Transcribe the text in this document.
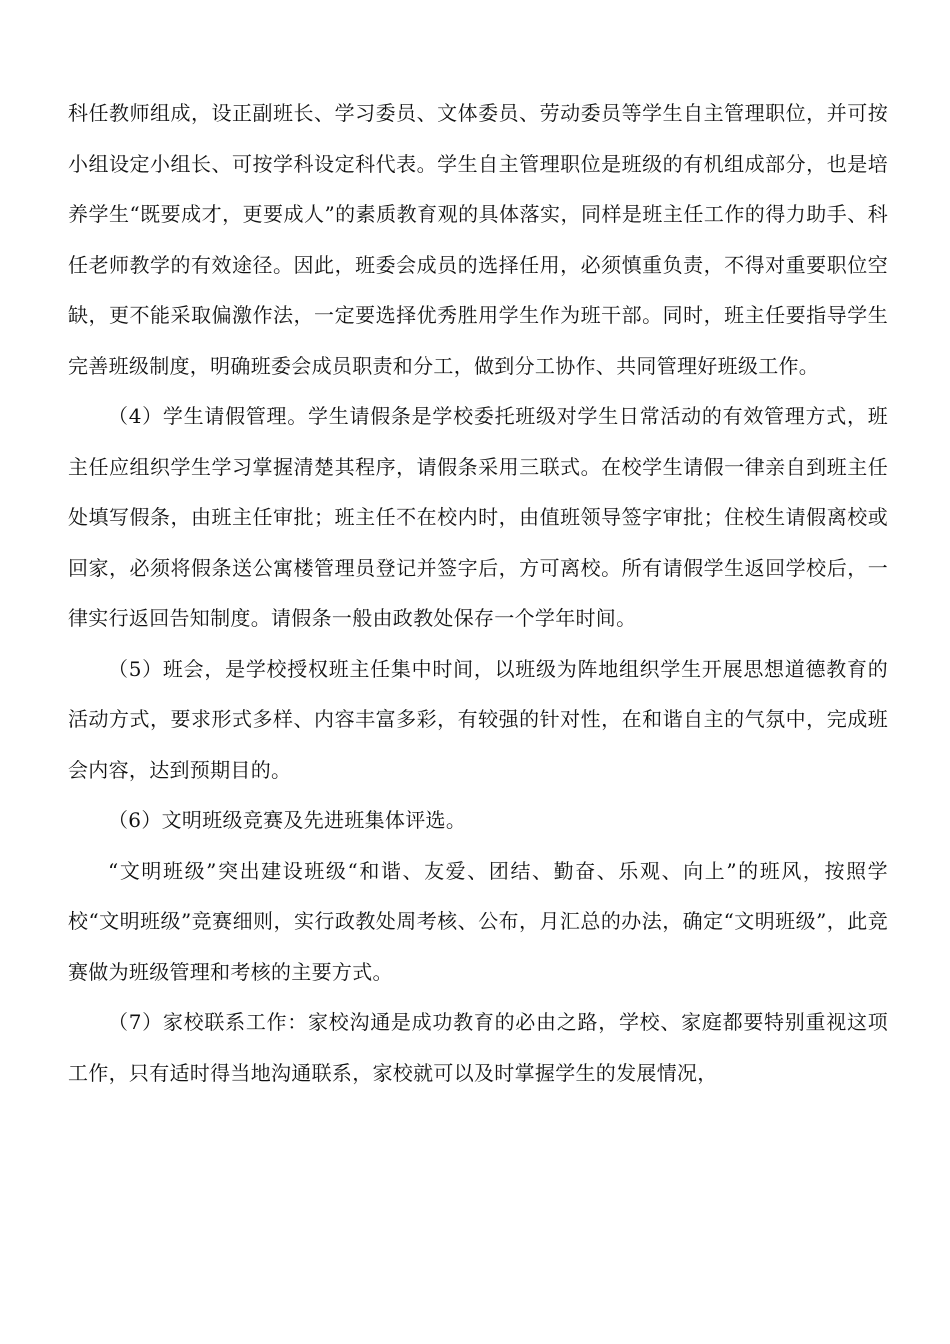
科任教师组成，设正副班长、学习委员、文体委员、劳动委员等学生自主管理职位，并可按小组设定小组长、可按学科设定科代表。学生自主管理职位是班级的有机组成部分，也是培养学生“既要成才，更要成人”的素质教育观的具体落实，同样是班主任工作的得力助手、科任老师教学的有效途径。因此，班委会成员的选择任用，必须慎重负责，不得对重要职位空缺，更不能采取偏激作法，一定要选择优秀胜用学生作为班干部。同时，班主任要指导学生完善班级制度，明确班委会成员职责和分工，做到分工协作、共同管理好班级工作。

（4）学生请假管理。学生请假条是学校委托班级对学生日常活动的有效管理方式，班主任应组织学生学习掌握清楚其程序，请假条采用三联式。在校学生请假一律亲自到班主任处填写假条，由班主任审批；班主任不在校内时，由值班领导签字审批；住校生请假离校或回家，必须将假条送公寓楼管理员登记并签字后，方可离校。所有请假学生返回学校后，一律实行返回告知制度。请假条一般由政教处保存一个学年时间。

（5）班会，是学校授权班主任集中时间，以班级为阵地组织学生开展思想道德教育的活动方式，要求形式多样、内容丰富多彩，有较强的针对性，在和谐自主的气氛中，完成班会内容，达到预期目的。

（6）文明班级竞赛及先进班集体评选。

“文明班级”突出建设班级“和谐、友爱、团结、勤奋、乐观、向上”的班风，按照学校“文明班级”竞赛细则，实行政教处周考核、公布，月汇总的办法，确定“文明班级”，此竞赛做为班级管理和考核的主要方式。

（7）家校联系工作：家校沟通是成功教育的必由之路，学校、家庭都要特别重视这项工作，只有适时得当地沟通联系，家校就可以及时掌握学生的发展情况，
